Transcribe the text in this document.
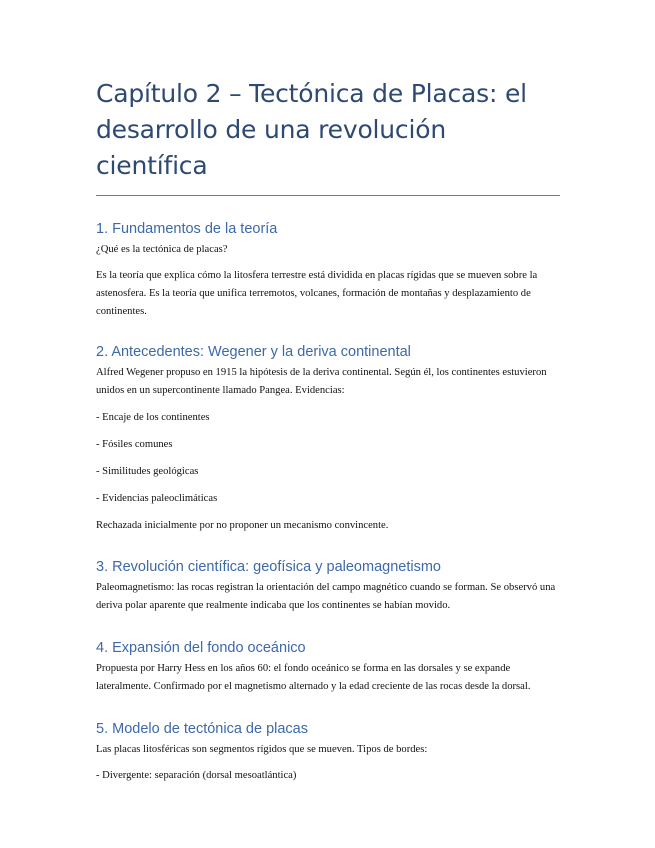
Capítulo 2 – Tectónica de Placas: el desarrollo de una revolución científica
1. Fundamentos de la teoría

¿Qué es la tectónica de placas?

Es la teoría que explica cómo la litosfera terrestre está dividida en placas rígidas que se mueven sobre la astenosfera. Es la teoría que unifica terremotos, volcanes, formación de montañas y desplazamiento de continentes.

2. Antecedentes: Wegener y la deriva continental

Alfred Wegener propuso en 1915 la hipótesis de la deriva continental. Según él, los continentes estuvieron unidos en un supercontinente llamado Pangea. Evidencias:

- Encaje de los continentes

- Fósiles comunes

- Similitudes geológicas

- Evidencias paleoclimáticas

Rechazada inicialmente por no proponer un mecanismo convincente.

3. Revolución científica: geofísica y paleomagnetismo

Paleomagnetismo: las rocas registran la orientación del campo magnético cuando se forman. Se observó una deriva polar aparente que realmente indicaba que los continentes se habían movido.

4. Expansión del fondo oceánico

Propuesta por Harry Hess en los años 60: el fondo oceánico se forma en las dorsales y se expande lateralmente. Confirmado por el magnetismo alternado y la edad creciente de las rocas desde la dorsal.

5. Modelo de tectónica de placas

Las placas litosféricas son segmentos rígidos que se mueven. Tipos de bordes:

- Divergente: separación (dorsal mesoatlántica)
